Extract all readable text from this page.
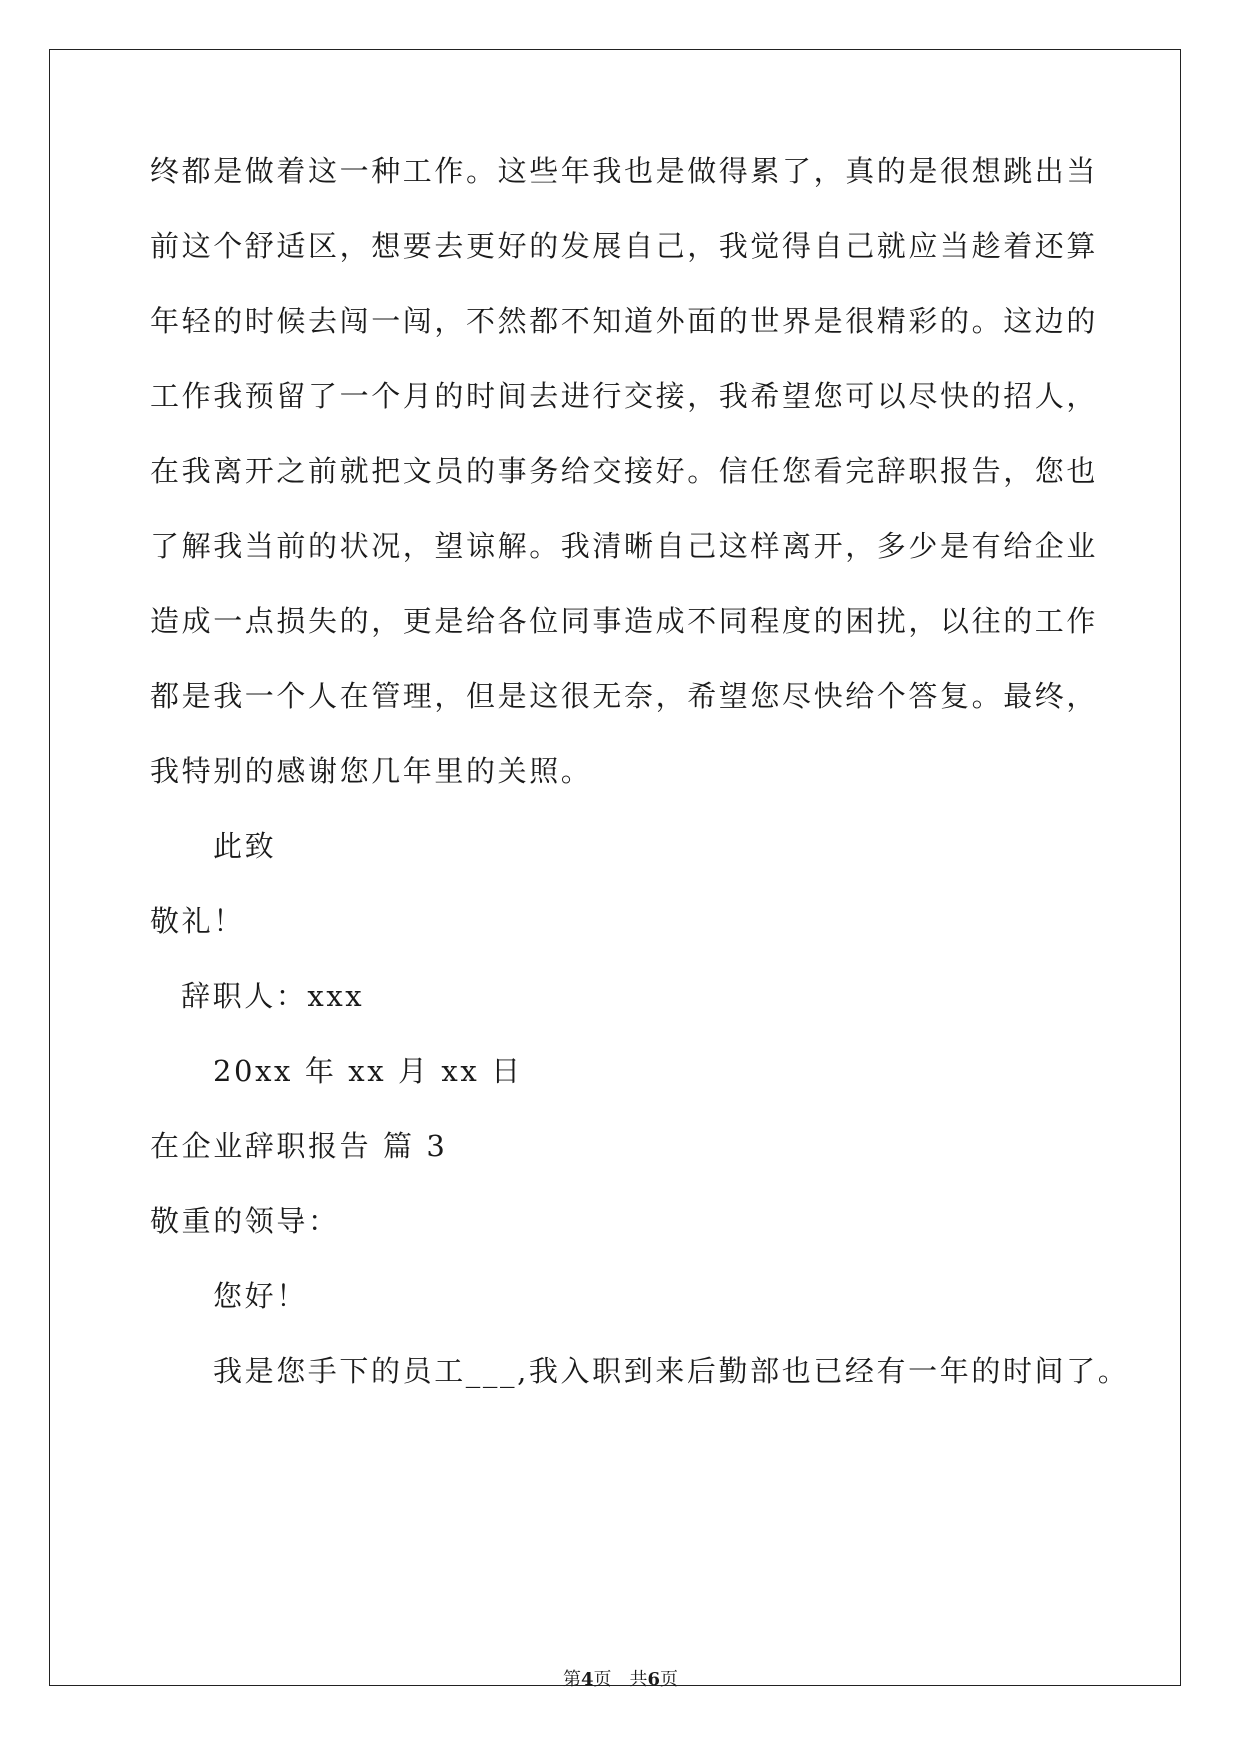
终都是做着这一种工作。这些年我也是做得累了，真的是很想跳出当
前这个舒适区，想要去更好的发展自己，我觉得自己就应当趁着还算
年轻的时候去闯一闯，不然都不知道外面的世界是很精彩的。这边的
工作我预留了一个月的时间去进行交接，我希望您可以尽快的招人，
在我离开之前就把文员的事务给交接好。信任您看完辞职报告，您也
了解我当前的状况，望谅解。我清晰自己这样离开，多少是有给企业
造成一点损失的，更是给各位同事造成不同程度的困扰，以往的工作
都是我一个人在管理，但是这很无奈，希望您尽快给个答复。最终，
我特别的感谢您几年里的关照。
此致
敬礼！
辞职人：xxx
20xx 年 xx 月 xx 日
在企业辞职报告 篇 3
敬重的领导：
您好！
我是您手下的员工___,我入职到来后勤部也已经有一年的时间了。
第4页 共6页
